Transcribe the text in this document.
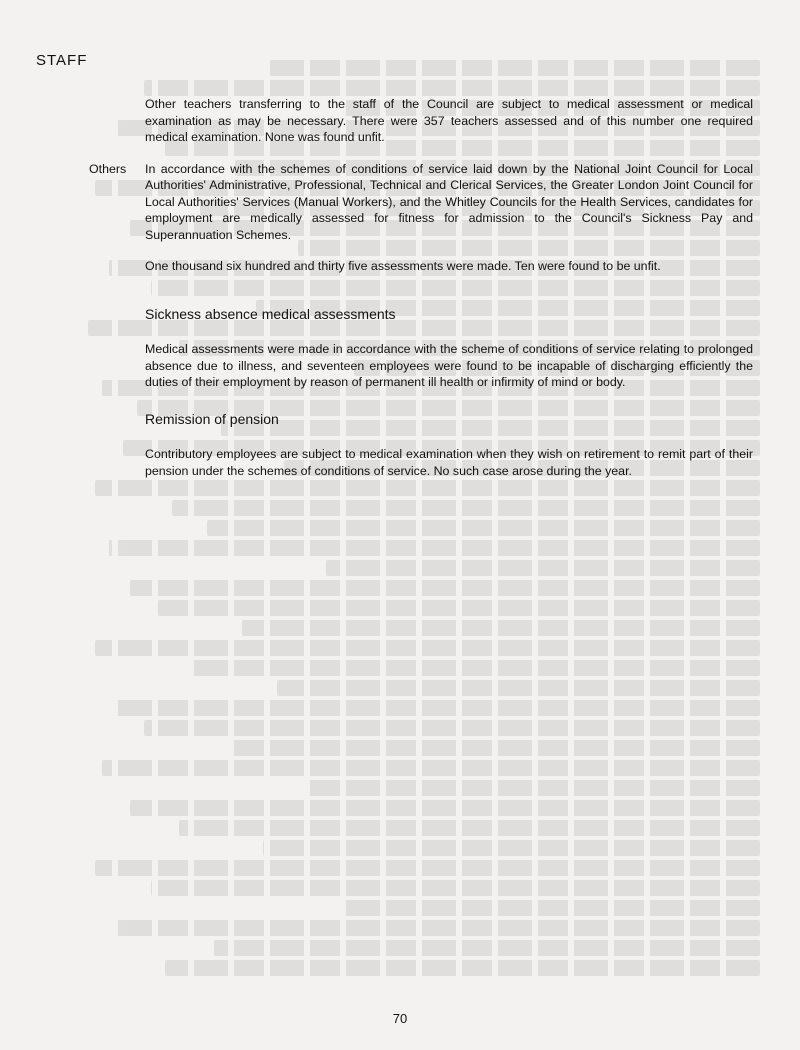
STAFF

Other teachers transferring to the staff of the Council are subject to medical assessment or medical examination as may be necessary. There were 357 teachers assessed and of this number one required medical examination. None was found unfit.

Others In accordance with the schemes of conditions of service laid down by the National Joint Council for Local Authorities' Administrative, Professional, Technical and Clerical Services, the Greater London Joint Council for Local Authorities' Services (Manual Workers), and the Whitley Councils for the Health Services, candidates for employment are medically assessed for fitness for admission to the Council's Sickness Pay and Superannuation Schemes.

One thousand six hundred and thirty five assessments were made. Ten were found to be unfit.

Sickness absence medical assessments

Medical assessments were made in accordance with the scheme of conditions of service relating to prolonged absence due to illness, and seventeen employees were found to be incapable of discharging efficiently the duties of their employment by reason of permanent ill health or infirmity of mind or body.

Remission of pension

Contributory employees are subject to medical examination when they wish on retirement to remit part of their pension under the schemes of conditions of service. No such case arose during the year.

70
